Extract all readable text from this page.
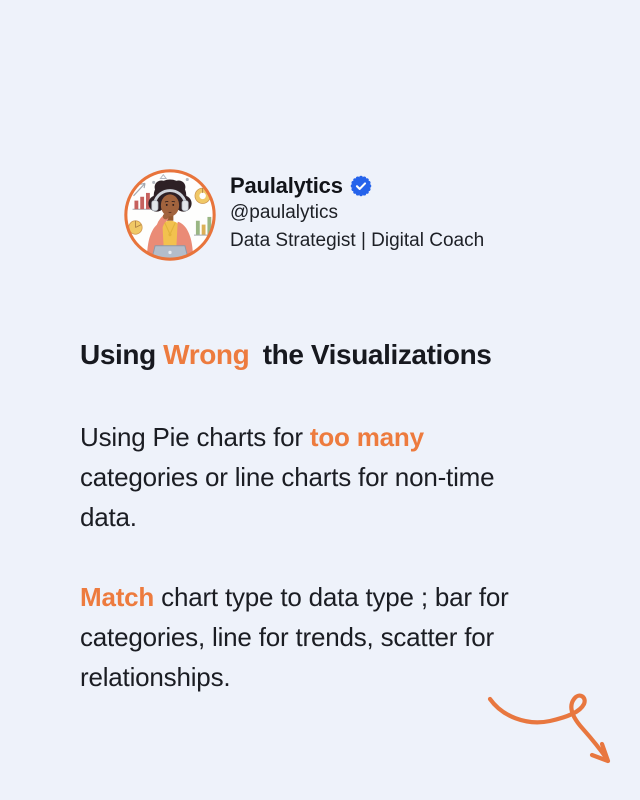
Paulalytics
@paulalytics
Data Strategist | Digital Coach
Using Wrong the Visualizations
Using Pie charts for too many
categories or line charts for non-time
data.
Match chart type to data type ; bar for
categories, line for trends, scatter for
relationships.
